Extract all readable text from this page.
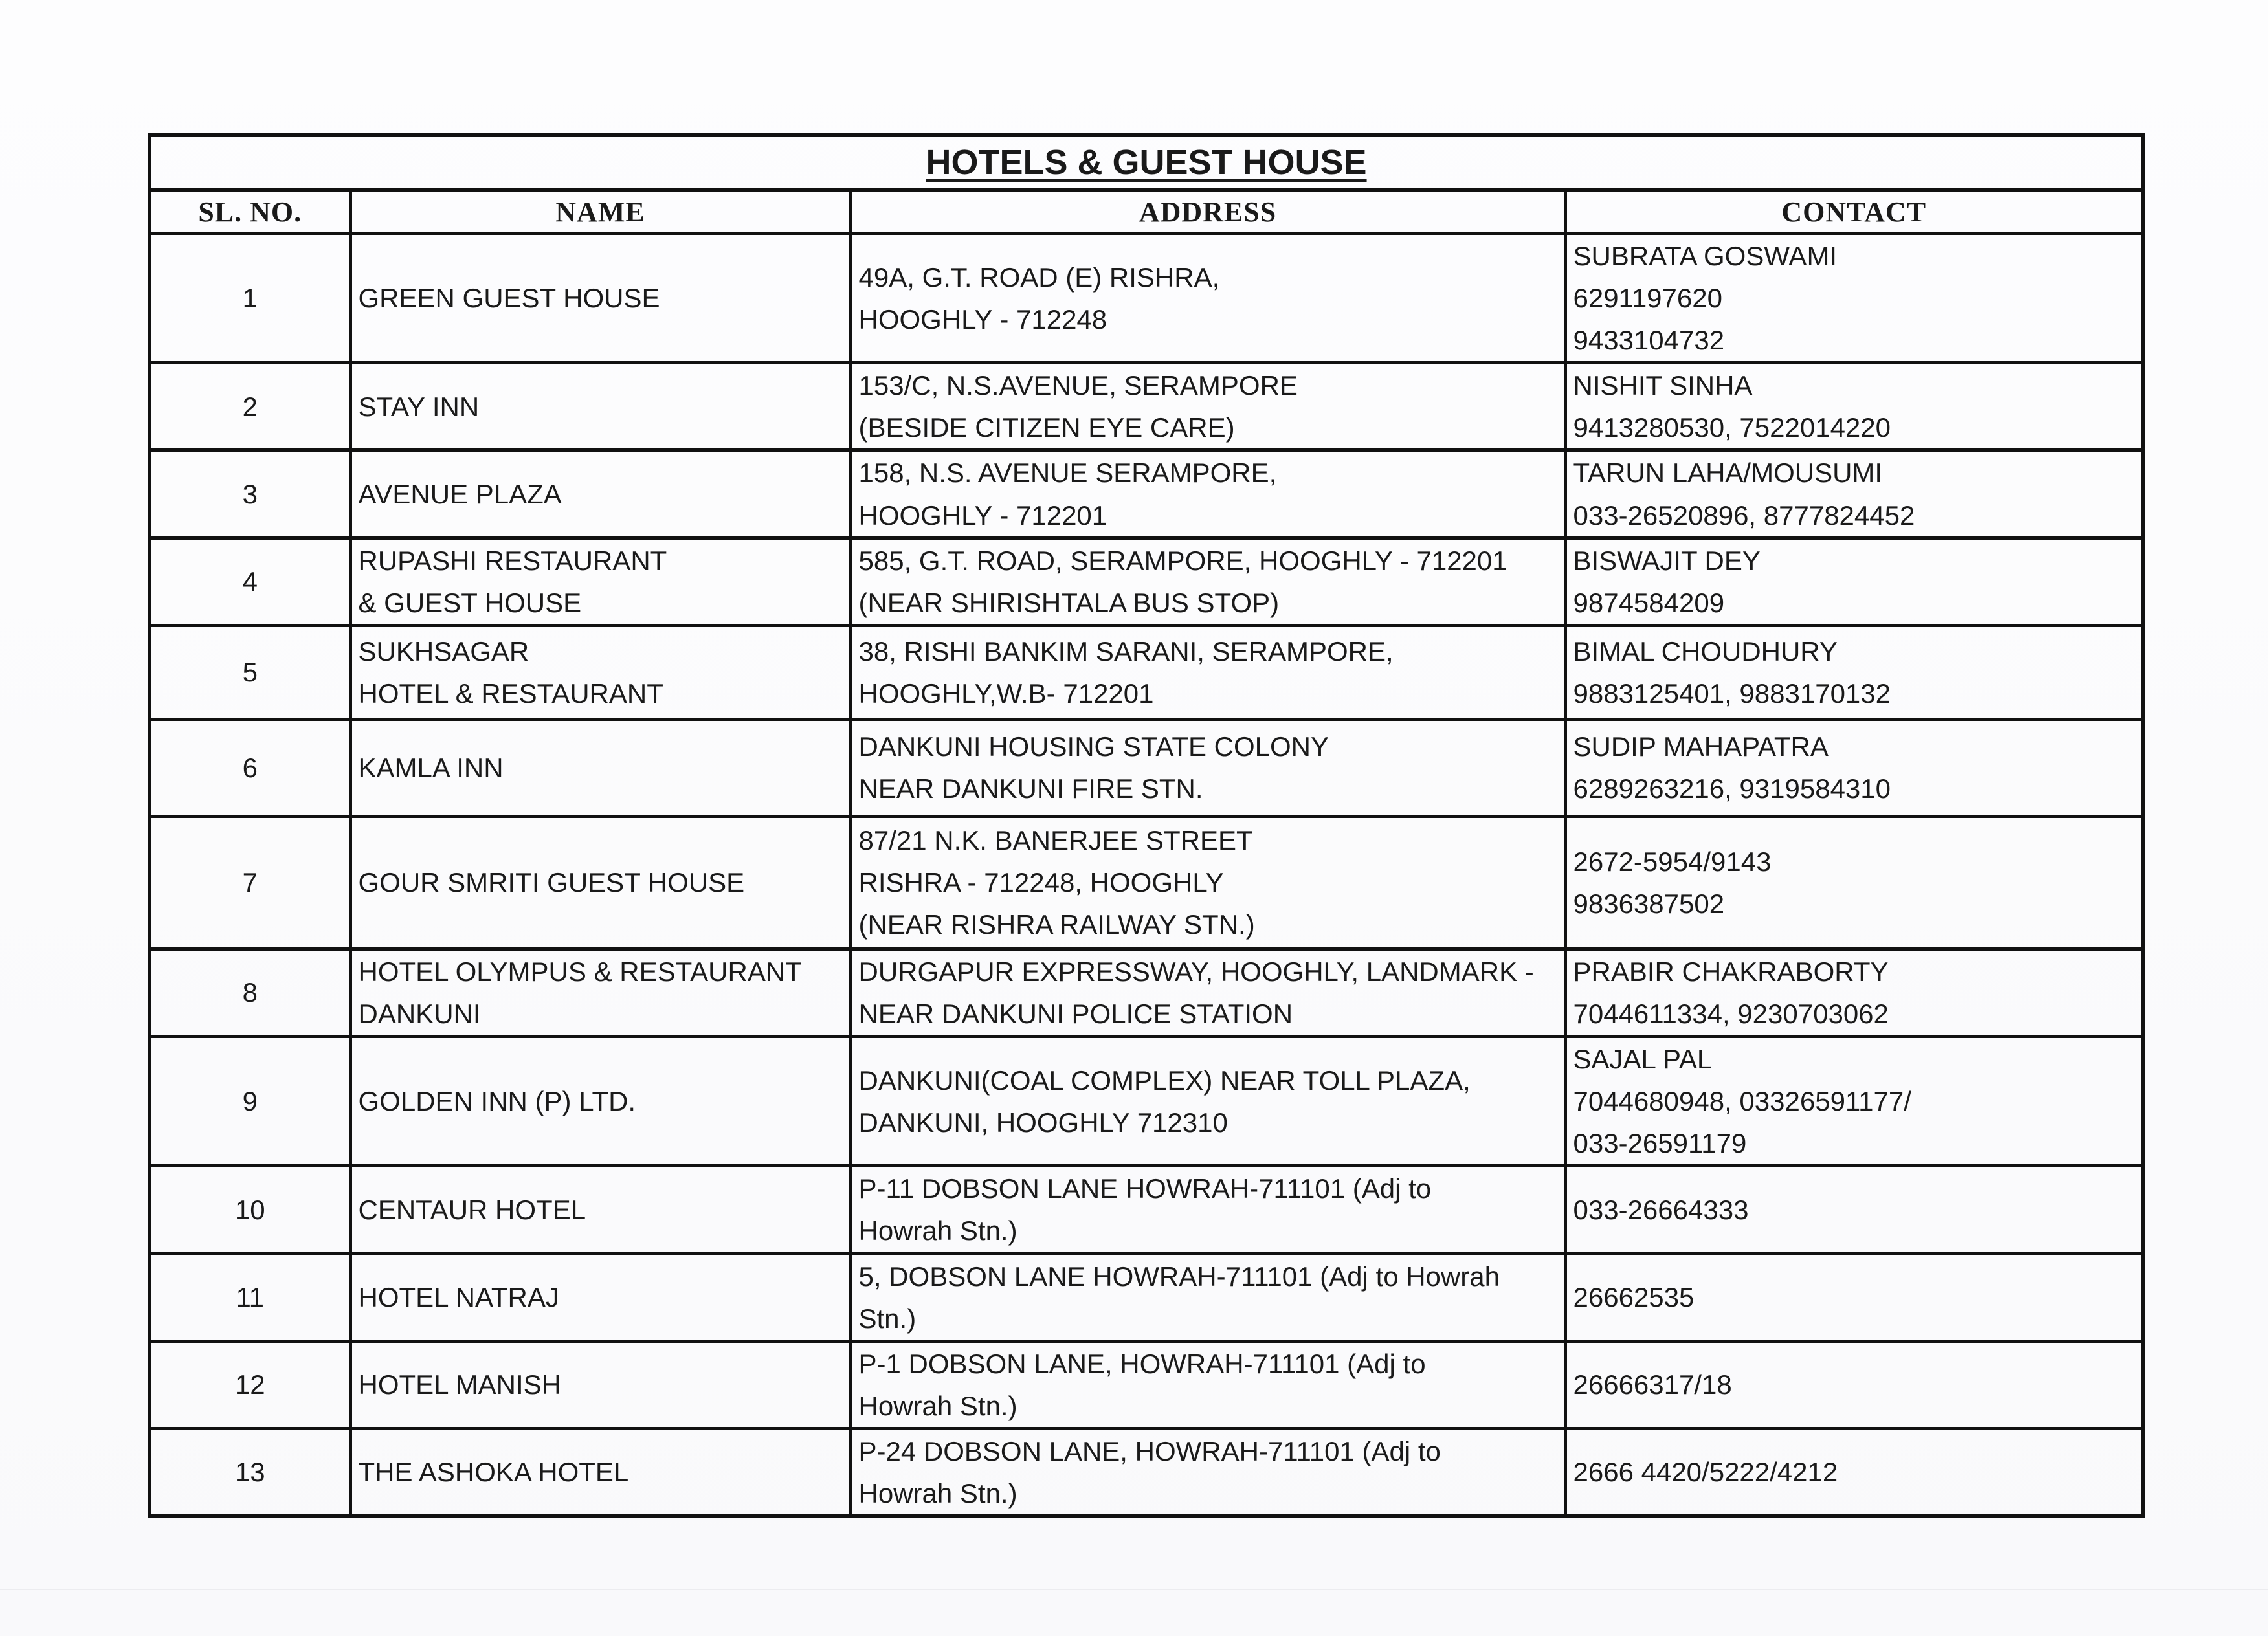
HOTELS & GUEST HOUSE			
SL. NO.	NAME	ADDRESS	CONTACT
1	GREEN GUEST HOUSE	49A, G.T. ROAD (E) RISHRA,
HOOGHLY - 712248	SUBRATA GOSWAMI
6291197620
9433104732

2	STAY INN	153/C, N.S.AVENUE, SERAMPORE
(BESIDE CITIZEN EYE CARE)	NISHIT SINHA
9413280530, 7522014220

3	AVENUE PLAZA	158, N.S. AVENUE SERAMPORE,
HOOGHLY - 712201	TARUN LAHA/MOUSUMI
033-26520896, 8777824452

4	RUPASHI RESTAURANT
& GUEST HOUSE	585, G.T. ROAD, SERAMPORE, HOOGHLY - 712201
(NEAR SHIRISHTALA BUS STOP)	BISWAJIT DEY
9874584209

5	SUKHSAGAR
HOTEL & RESTAURANT	38, RISHI BANKIM SARANI, SERAMPORE,
HOOGHLY,W.B- 712201	BIMAL CHOUDHURY
9883125401, 9883170132

6	KAMLA INN	DANKUNI HOUSING STATE COLONY
NEAR DANKUNI FIRE STN.	SUDIP MAHAPATRA
6289263216, 9319584310

7	GOUR SMRITI GUEST HOUSE	87/21 N.K. BANERJEE STREET
RISHRA - 712248, HOOGHLY
(NEAR RISHRA RAILWAY STN.)	2672-5954/9143
9836387502

8	HOTEL OLYMPUS & RESTAURANT
DANKUNI	DURGAPUR EXPRESSWAY, HOOGHLY, LANDMARK -
NEAR DANKUNI POLICE STATION	PRABIR CHAKRABORTY
7044611334, 9230703062

9	GOLDEN INN (P) LTD.	DANKUNI(COAL COMPLEX) NEAR TOLL PLAZA,
DANKUNI, HOOGHLY 712310	SAJAL PAL
7044680948, 03326591177/
033-26591179

10	CENTAUR HOTEL	P-11 DOBSON LANE HOWRAH-711101 (Adj to
Howrah Stn.)	033-26664333

11	HOTEL NATRAJ	5, DOBSON LANE HOWRAH-711101 (Adj to Howrah
Stn.)	26662535

12	HOTEL MANISH	P-1 DOBSON LANE, HOWRAH-711101 (Adj to
Howrah Stn.)	26666317/18

13	THE ASHOKA HOTEL	P-24 DOBSON LANE, HOWRAH-711101 (Adj to
Howrah Stn.)	2666 4420/5222/4212
